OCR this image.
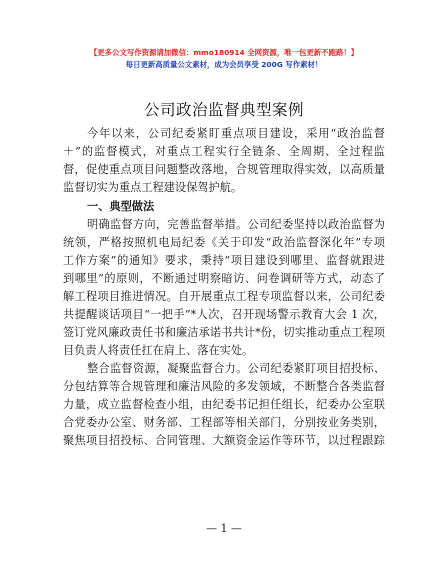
【更多公文写作资源请加微信：mmo180914 全网资源，唯一包更新不跑路！】
每日更新高质量公文素材，成为会员享受 200G 写作素材！
公司政治监督典型案例
今年以来，公司纪委紧盯重点项目建设，采用“政治监督
＋”的监督模式，对重点工程实行全链条、全周期、全过程监
督，促使重点项目问题整改落地，合规管理取得实效，以高质量
监督切实为重点工程建设保驾护航。
一、典型做法
明确监督方向，完善监督举措。公司纪委坚持以政治监督为
统领，严格按照机电局纪委《关于印发“政治监督深化年”专项
工作方案”的通知》要求，秉持“项目建设到哪里、监督就跟进
到哪里”的原则，不断通过明察暗访、问卷调研等方式，动态了
解工程项目推进情况。自开展重点工程专项监督以来，公司纪委
共提醒谈话项目“一把手”*人次，召开现场警示教育大会 1 次，
签订党风廉政责任书和廉洁承诺书共计*份，切实推动重点工程项
目负责人将责任扛在肩上、落在实处。
整合监督资源，凝聚监督合力。公司纪委紧盯项目招投标、
分包结算等合规管理和廉洁风险的多发领域，不断整合各类监督
力量，成立监督检查小组，由纪委书记担任组长，纪委办公室联
合党委办公室、财务部、工程部等相关部门，分别按业务类别，
聚焦项目招投标、合同管理、大额资金运作等环节，以过程跟踪
— 1 —
